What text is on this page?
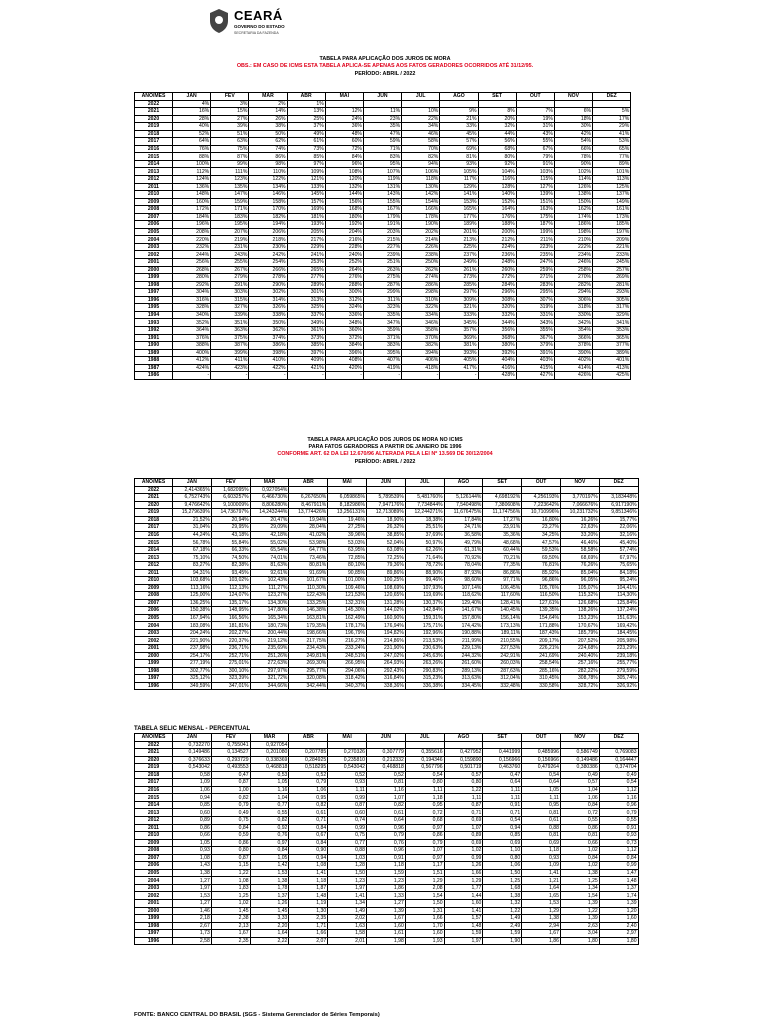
CEARÁ
GOVERNO DO ESTADO
SECRETARIA DA FAZENDA
TABELA PARA APLICAÇÃO DOS JUROS DE MORA
OBS.: EM CASO DE ICMS ESTA TABELA APLICA-SE APENAS AOS FATOS GERADORES OCORRIDOS ATÉ 31/12/95.
PERÍODO: ABRIL / 2022
ANO/MÊS	JAN	FEV	MAR	ABR	MAI	JUN	JUL	AGO	SET	OUT	NOV	DEZ
2022	4%	3%	2%	1%								
2021	16%	15%	14%	13%	12%	11%	10%	9%	8%	7%	6%	5%
2020	28%	27%	26%	25%	24%	23%	22%	21%	20%	19%	18%	17%
2019	40%	39%	38%	37%	36%	35%	34%	33%	32%	31%	30%	29%
2018	52%	51%	50%	49%	48%	47%	46%	45%	44%	43%	42%	41%
2017	64%	63%	62%	61%	60%	59%	58%	57%	56%	55%	54%	53%
2016	76%	75%	74%	73%	72%	71%	70%	69%	68%	67%	66%	65%
2015	88%	87%	86%	85%	84%	83%	82%	81%	80%	79%	78%	77%
2014	100%	99%	98%	97%	96%	95%	94%	93%	92%	91%	90%	89%
2013	112%	111%	110%	109%	108%	107%	106%	105%	104%	103%	102%	101%
2012	124%	123%	122%	121%	120%	119%	118%	117%	116%	115%	114%	113%
2011	136%	135%	134%	133%	132%	131%	130%	129%	128%	127%	126%	125%
2010	148%	147%	146%	145%	144%	143%	142%	141%	140%	139%	138%	137%
2009	160%	159%	158%	157%	156%	155%	154%	153%	152%	151%	150%	149%
2008	172%	171%	170%	169%	168%	167%	166%	165%	164%	163%	162%	161%
2007	184%	183%	182%	181%	180%	179%	178%	177%	176%	175%	174%	173%
2006	196%	195%	194%	193%	192%	191%	190%	189%	188%	187%	186%	185%
2005	208%	207%	206%	205%	204%	203%	202%	201%	200%	199%	198%	197%
2004	220%	219%	218%	217%	216%	215%	214%	213%	212%	211%	210%	209%
2003	232%	231%	230%	229%	228%	227%	226%	225%	224%	223%	222%	221%
2002	244%	243%	242%	241%	240%	239%	238%	237%	236%	235%	234%	233%
2001	256%	255%	254%	253%	252%	251%	250%	249%	248%	247%	246%	245%
2000	268%	267%	266%	265%	264%	263%	262%	261%	260%	259%	258%	257%
1999	280%	279%	278%	277%	276%	275%	274%	273%	272%	271%	270%	269%
1998	292%	291%	290%	289%	288%	287%	286%	285%	284%	283%	282%	281%
1997	304%	303%	302%	301%	300%	299%	298%	297%	296%	295%	294%	293%
1996	316%	315%	314%	313%	312%	311%	310%	309%	308%	307%	306%	305%
1995	328%	327%	326%	325%	324%	323%	322%	321%	320%	319%	318%	317%
1994	340%	339%	338%	337%	336%	335%	334%	333%	332%	331%	330%	329%
1993	352%	351%	350%	349%	348%	347%	346%	345%	344%	343%	342%	341%
1992	364%	363%	362%	361%	360%	359%	358%	357%	356%	355%	354%	353%
1991	376%	375%	374%	373%	372%	371%	370%	369%	368%	367%	366%	365%
1990	388%	387%	386%	385%	384%	383%	382%	381%	380%	379%	378%	377%
1989	400%	399%	398%	397%	396%	395%	394%	393%	392%	391%	390%	389%
1988	412%	411%	410%	409%	408%	407%	406%	405%	404%	403%	402%	401%
1987	424%	423%	422%	421%	420%	419%	418%	417%	416%	415%	414%	413%
1986	-	-	-	-	-	-	-	-	428%	427%	426%	425%
TABELA PARA APLICAÇÃO DOS JUROS DE MORA NO ICMS
PARA FATOS GERADORES A PARTIR DE JANEIRO DE 1996
CONFORME ART. 62 DA LEI 12.670/96 ALTERADA PELA LEI Nº 13.569 DE 30/12/2004
PERÍODO: ABRIL / 2022
ANO/MÊS	JAN	FEV	MAR	ABR	MAI	JUN	JUL	AGO	SET	OUT	NOV	DEZ
2022	2,414365%	1,682095%	0,927054%									
2021	6,752743%	6,603257%	6,466730%	6,267650%	6,059865%	5,789539%	5,481760%	5,126144%	4,698192%	4,256193%	3,770197%	3,183448%
2020	9,476642%	9,100009%	8,806280%	8,467911%	8,182986%	7,947176%	7,734844%	7,540498%	7,380608%	7,223642%	7,066676%	6,917190%
2019	15,279639%	14,736797%	14,243244%	13,774426%	13,256131%	12,713089%	12,244271%	11,676475%	11,174756%	10,710996%	10,231732%	9,851346%
2018	21,52%	20,94%	20,47%	19,94%	19,46%	18,90%	18,38%	17,84%	17,27%	16,80%	16,26%	15,77%
2017	31,04%	29,95%	29,09%	28,04%	27,25%	26,32%	25,51%	24,71%	23,91%	23,27%	22,63%	22,06%
2016	44,24%	43,18%	42,18%	41,02%	39,96%	38,85%	37,69%	36,58%	35,36%	34,25%	33,20%	32,16%
2015	56,78%	55,84%	55,02%	53,98%	53,03%	52,04%	50,97%	49,79%	48,68%	47,57%	46,46%	45,40%
2014	67,18%	66,33%	65,54%	64,77%	63,95%	63,08%	62,26%	61,31%	60,44%	59,53%	58,58%	57,74%
2013	75,10%	74,50%	74,01%	73,46%	72,85%	72,25%	71,64%	70,92%	70,21%	69,50%	68,69%	67,97%
2012	83,27%	82,38%	81,63%	80,81%	80,10%	79,36%	78,72%	78,04%	77,35%	76,81%	76,26%	75,65%
2011	94,31%	93,45%	92,61%	91,69%	90,85%	89,86%	88,90%	87,93%	86,86%	85,92%	85,04%	84,18%
2010	103,68%	103,02%	102,43%	101,67%	101,00%	100,25%	99,46%	98,60%	97,71%	96,86%	96,05%	95,24%
2009	113,16%	112,13%	111,27%	110,30%	109,46%	108,69%	107,93%	107,14%	106,45%	105,76%	105,07%	104,41%
2008	125,00%	124,07%	123,27%	122,43%	121,53%	120,65%	119,69%	118,62%	117,60%	116,50%	115,32%	114,30%
2007	136,25%	135,17%	134,30%	133,25%	132,31%	131,28%	130,37%	129,40%	128,41%	127,61%	126,68%	125,84%
2006	150,38%	148,95%	147,80%	146,38%	145,30%	144,02%	142,84%	141,67%	140,45%	139,35%	138,26%	137,24%
2005	167,94%	166,56%	165,34%	163,81%	162,49%	160,90%	159,31%	157,80%	156,14%	154,64%	153,23%	151,63%
2004	183,08%	181,81%	180,73%	179,35%	178,17%	176,94%	175,71%	174,42%	173,13%	171,88%	170,67%	169,42%
2003	204,24%	202,27%	200,44%	198,66%	196,79%	194,82%	192,96%	190,88%	189,11%	187,43%	185,79%	184,45%
2002	221,90%	220,37%	219,12%	217,75%	216,27%	214,86%	213,53%	211,99%	210,55%	209,17%	207,52%	205,98%
2001	237,98%	236,71%	235,69%	234,43%	233,24%	231,90%	230,63%	229,13%	227,53%	226,21%	224,68%	223,29%
2000	254,17%	252,71%	251,26%	249,81%	248,51%	247,02%	245,63%	244,32%	242,91%	241,69%	240,40%	239,18%
1999	277,19%	275,01%	272,63%	269,30%	266,95%	264,93%	263,26%	261,60%	260,03%	258,54%	257,16%	255,77%
1998	302,77%	300,10%	297,97%	295,77%	294,06%	292,43%	290,83%	289,13%	287,63%	285,16%	282,22%	279,59%
1997	325,12%	323,39%	321,72%	320,08%	318,42%	316,84%	315,23%	313,63%	312,04%	310,45%	308,78%	305,74%
1996	349,59%	347,01%	344,66%	342,44%	340,37%	338,36%	336,38%	334,45%	332,48%	330,58%	328,72%	326,92%
TABELA SELIC MENSAL - PERCENTUAL
ANO/MÊS	JAN	FEV	MAR	ABR	MAI	JUN	JUL	AGO	SET	OUT	NOV	DEZ
2022	0,732270	0,755041	0,927054									
2021	0,149486	0,134527	0,201080	0,207785	0,270326	0,307779	0,355616	0,427952	0,441999	0,485996	0,586749	0,769083
2020	0,376633	0,293729	0,338369	0,284925	0,235810	0,212332	0,194346	0,159890	0,156966	0,156966	0,149486	0,164447
2019	0,543042	0,493553	0,468818	0,518295	0,543042	0,468818	0,567796	0,501719	0,463760	0,479264	0,380386	0,374704
2018	0,58	0,47	0,53	0,52	0,52	0,52	0,54	0,57	0,47	0,54	0,49	0,49
2017	1,09	0,87	1,05	0,79	0,93	0,81	0,80	0,80	0,64	0,64	0,57	0,54
2016	1,06	1,00	1,16	1,06	1,11	1,16	1,11	1,22	1,11	1,05	1,04	1,12
2015	0,94	0,82	1,04	0,95	0,99	1,07	1,18	1,11	1,11	1,11	1,06	1,16
2014	0,85	0,79	0,77	0,82	0,87	0,82	0,95	0,87	0,91	0,95	0,84	0,96
2013	0,60	0,49	0,55	0,61	0,60	0,61	0,72	0,71	0,71	0,81	0,72	0,79
2012	0,89	0,75	0,82	0,71	0,74	0,64	0,68	0,69	0,54	0,61	0,55	0,55
2011	0,86	0,84	0,92	0,84	0,99	0,96	0,97	1,07	0,94	0,88	0,86	0,91
2010	0,66	0,59	0,76	0,67	0,75	0,79	0,86	0,89	0,85	0,81	0,81	0,93
2009	1,05	0,86	0,97	0,84	0,77	0,76	0,79	0,69	0,69	0,69	0,66	0,73
2008	0,93	0,80	0,84	0,90	0,88	0,96	1,07	1,02	1,10	1,18	1,02	1,12
2007	1,08	0,87	1,05	0,94	1,03	0,91	0,97	0,99	0,80	0,93	0,84	0,84
2006	1,43	1,15	1,42	1,08	1,28	1,18	1,17	1,26	1,06	1,09	1,02	0,99
2005	1,38	1,22	1,53	1,41	1,50	1,59	1,51	1,66	1,50	1,41	1,38	1,47
2004	1,27	1,08	1,38	1,18	1,23	1,23	1,29	1,29	1,25	1,21	1,25	1,48
2003	1,97	1,83	1,78	1,87	1,97	1,86	2,08	1,77	1,68	1,64	1,34	1,37
2002	1,53	1,25	1,37	1,48	1,41	1,33	1,54	1,44	1,38	1,65	1,54	1,74
2001	1,27	1,02	1,26	1,19	1,34	1,27	1,50	1,60	1,32	1,53	1,39	1,39
2000	1,46	1,45	1,45	1,30	1,49	1,39	1,31	1,41	1,22	1,29	1,22	1,20
1999	2,18	2,38	3,33	2,35	2,02	1,67	1,66	1,57	1,49	1,38	1,39	1,60
1998	2,67	2,13	2,20	1,71	1,63	1,60	1,70	1,48	2,49	2,94	2,63	2,40
1997	1,73	1,67	1,64	1,66	1,58	1,61	1,60	1,59	1,59	1,67	3,04	2,97
1996	2,58	2,35	2,22	2,07	2,01	1,98	1,93	1,97	1,90	1,86	1,80	1,80
FONTE: BANCO CENTRAL DO BRASIL (SGS - Sistema Gerenciador de Séries Temporais)
